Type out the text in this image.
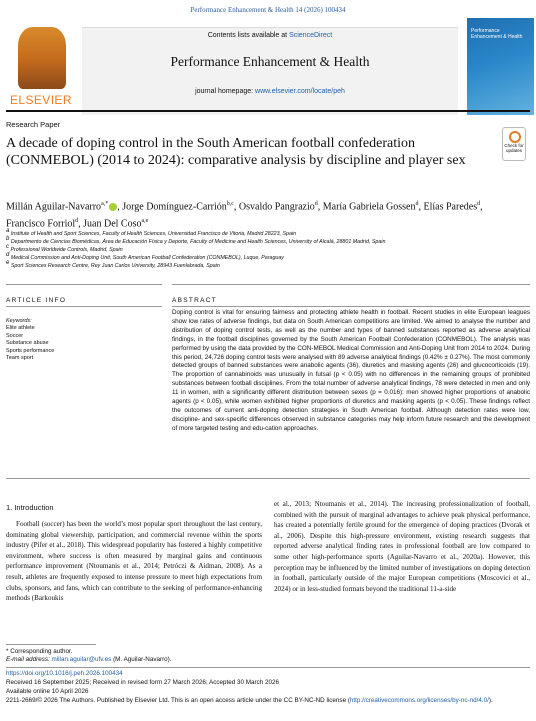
Performance Enhancement & Health 14 (2026) 100434
ELSEVIER
Contents lists available at ScienceDirect
Performance Enhancement & Health
journal homepage: www.elsevier.com/locate/peh
Performance Enhancement & Health
Research Paper
A decade of doping control in the South American football confederation (CONMEBOL) (2014 to 2024): comparative analysis by discipline and player sex
Check for updates
Millán Aguilar-Navarro$^{a,*}$ , Jorge Domínguez-Carrión$^{b,c}$, Osvaldo Pangrazio$^d$, María Gabriela Gossen$^d$, Elías Paredes$^d$, Francisco Forriol$^d$, Juan Del Coso$^{a,e}$
$^a$ Institute of Health and Sport Sciences, Faculty of Health Sciences, Universidad Francisco de Vitoria, Madrid 28223, Spain
$^b$ Departmento de Ciencias Biomédicas, Área de Educación Física y Deporte, Faculty of Medicine and Health Sciences, University of Alcalá, 28801 Madrid, Spain
$^c$ Professional Worldwide Controls, Madrid, Spain
$^d$ Medical Commission and Anti-Doping Unit, South American Football Confederation (CONMEBOL), Luque, Paraguay
$^e$ Sport Sciences Research Centre, Rey Juan Carlos University, 28943 Fuenlabrada, Spain
ARTICLE INFO	ABSTRACT
Keywords:
Elite athlete
Soccer
Substance abuse
Sports performance
Team sport
Doping control is vital for ensuring fairness and protecting athlete health in football. Recent studies in elite European leagues show low rates of adverse findings, but data on South American competitions are limited. We aimed to analyse the number and distribution of doping control tests, as well as the number and types of banned substances reported as adverse analytical findings, in the football disciplines governed by the South American Football Confederation (CONMEBOL). The analysis was performed by using the data provided by the CON-MEBOL Medical Commission and Anti-Doping Unit from 2014 to 2024. During this period, 24,726 doping control tests were analysed with 89 adverse analytical findings (0.42% ± 0.27%). The most commonly detected groups of banned substances were anabolic agents (36), diuretics and masking agents (26) and glucocorticoids (19). The proportion of cannabinoids was unusually in futsal (p < 0.05) with no differences in the remaining groups of prohibited substances between football disciplines. From the total number of adverse analytical findings, 78 were detected in men and only 11 in women, with a significantly different distribution between sexes (p = 0.016): men showed higher proportions of anabolic agents (p < 0.05), while women exhibited higher proportions of diuretics and masking agents (p < 0.05). These findings reflect the outcomes of current anti-doping detection strategies in South American football. Although detection rates were low, discipline- and sex-specific differences observed in substance categories may help inform future research and the development of more targeted testing and edu-cation approaches.
1. Introduction
Football (soccer) has been the world’s most popular sport throughout the last century, dominating global viewership, participation, and commercial revenue within the sports industry (Pifer et al., 2018). This widespread popularity has fostered a highly competitive environment, where success is often measured by marginal gains and continuous performance improvement (Ntoumanis et al., 2014; Petróczi & Aidman, 2008). As a result, athletes are frequently exposed to intense pressure to meet high expectations from clubs, sponsors, and fans, which can contribute to the seeking of performance-enhancing methods (Barkoukis
et al., 2013; Ntoumanis et al., 2014). The increasing professionalization of football, combined with the pursuit of marginal advantages to achieve peak physical performance, has created a potentially fertile ground for the emergence of doping practices (Dvorak et al., 2006). Despite this high-pressure environment, existing research suggests that reported adverse analytical finding rates in professional football are low compared to some other high-performance sports (Aguilar-Navarro et al., 2020a). However, this perception may be influenced by the limited number of investigations on doping detection in football, particularly outside of the major European competitions (Moscovici et al., 2024) or in less-studied formats beyond the traditional 11-a-side
* Corresponding author.
E-mail address: millan.aguilar@ufv.es (M. Aguilar-Navarro).
https://doi.org/10.1016/j.peh.2026.100434
Received 16 September 2025; Received in revised form 27 March 2026; Accepted 30 March 2026
Available online 10 April 2026
2211-2669/© 2026 The Authors. Published by Elsevier Ltd. This is an open access article under the CC BY-NC-ND license (http://creativecommons.org/licenses/by-nc-nd/4.0/).
